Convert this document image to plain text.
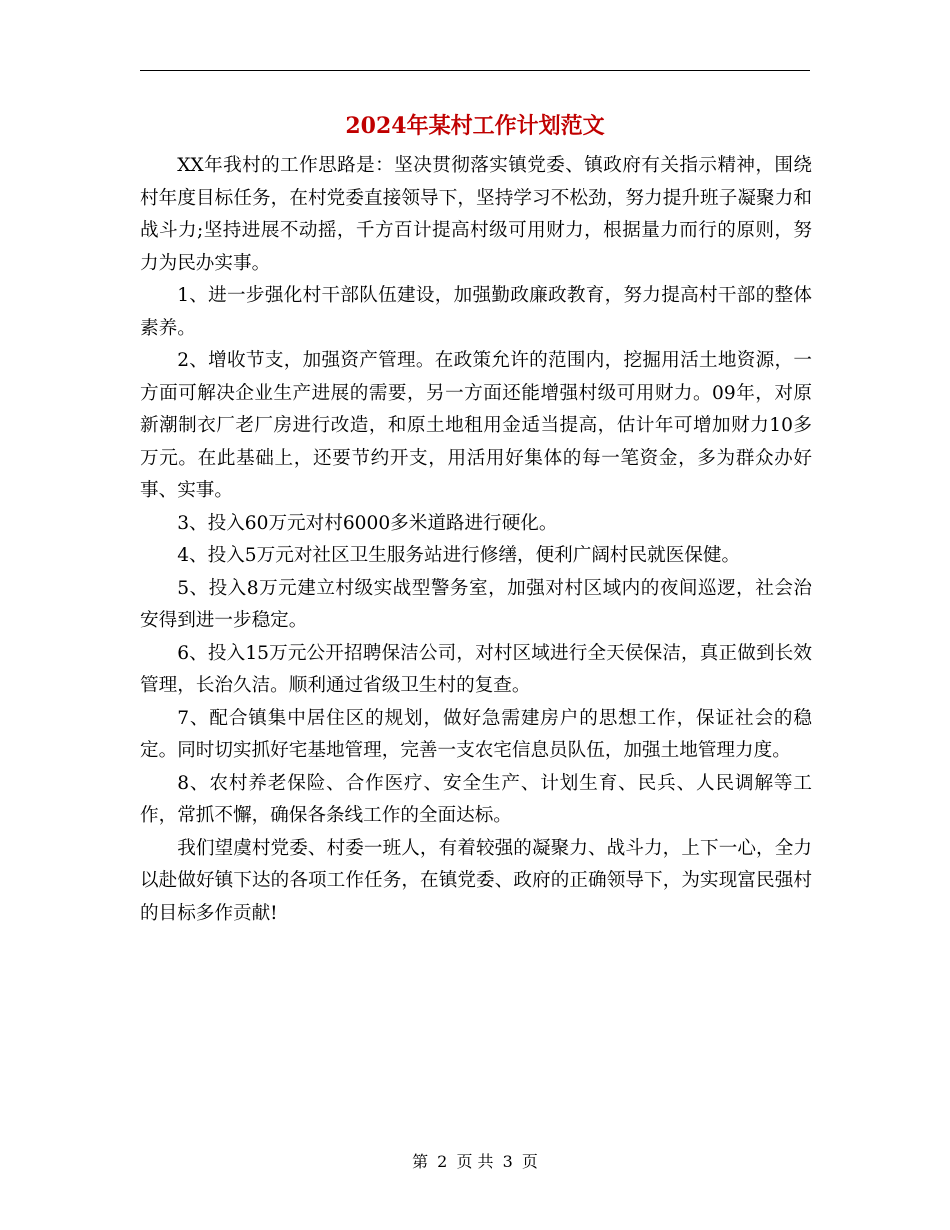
2024年某村工作计划范文

XX年我村的工作思路是：坚决贯彻落实镇党委、镇政府有关指示精神，围绕村年度目标任务，在村党委直接领导下，坚持学习不松劲，努力提升班子凝聚力和战斗力;坚持进展不动摇，千方百计提高村级可用财力，根据量力而行的原则，努力为民办实事。

1、进一步强化村干部队伍建设，加强勤政廉政教育，努力提高村干部的整体素养。

2、增收节支，加强资产管理。在政策允许的范围内，挖掘用活土地资源，一方面可解决企业生产进展的需要，另一方面还能增强村级可用财力。09年，对原新潮制衣厂老厂房进行改造，和原土地租用金适当提高，估计年可增加财力10多万元。在此基础上，还要节约开支，用活用好集体的每一笔资金，多为群众办好事、实事。

3、投入60万元对村6000多米道路进行硬化。

4、投入5万元对社区卫生服务站进行修缮，便利广阔村民就医保健。

5、投入8万元建立村级实战型警务室，加强对村区域内的夜间巡逻，社会治安得到进一步稳定。

6、投入15万元公开招聘保洁公司，对村区域进行全天侯保洁，真正做到长效管理，长治久洁。顺利通过省级卫生村的复查。

7、配合镇集中居住区的规划，做好急需建房户的思想工作，保证社会的稳定。同时切实抓好宅基地管理，完善一支农宅信息员队伍，加强土地管理力度。

8、农村养老保险、合作医疗、安全生产、计划生育、民兵、人民调解等工作，常抓不懈，确保各条线工作的全面达标。

我们望虞村党委、村委一班人，有着较强的凝聚力、战斗力，上下一心，全力以赴做好镇下达的各项工作任务，在镇党委、政府的正确领导下，为实现富民强村的目标多作贡献!

第 2 页 共 3 页
